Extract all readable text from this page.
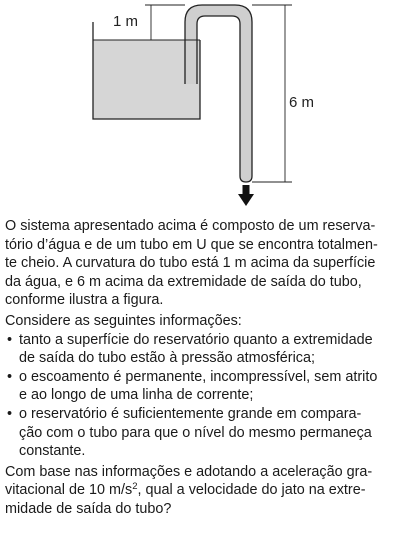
1 m
6 m

O sistema apresentado acima é composto de um reserva-
tório d’água e de um tubo em U que se encontra totalmen-
te cheio. A curvatura do tubo está 1 m acima da superfície
da água, e 6 m acima da extremidade de saída do tubo,
conforme ilustra a figura.

Considere as seguintes informações:

• tanto a superfície do reservatório quanto a extremidade
de saída do tubo estão à pressão atmosférica;
• o escoamento é permanente, incompressível, sem atrito
e ao longo de uma linha de corrente;
• o reservatório é suficientemente grande em compara-
ção com o tubo para que o nível do mesmo permaneça
constante.

Com base nas informações e adotando a aceleração gra-
vitacional de 10 $m/s^2$, qual a velocidade do jato na extre-
midade de saída do tubo?
